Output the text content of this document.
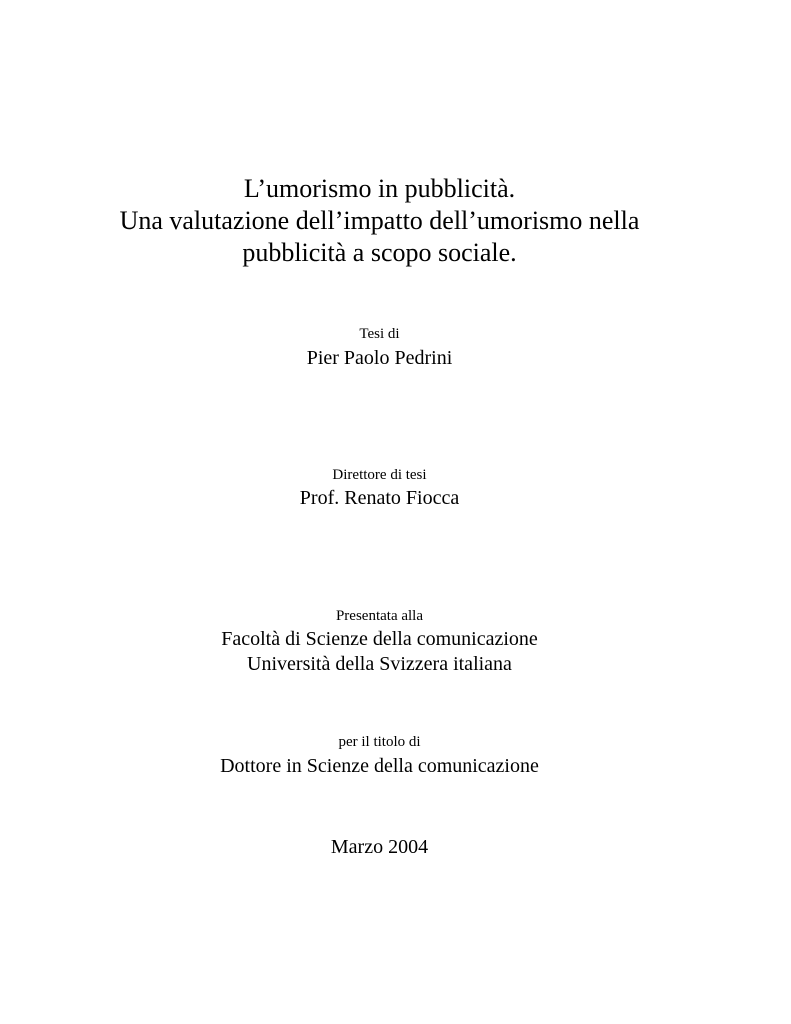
L’umorismo in pubblicità.
Una valutazione dell’impatto dell’umorismo nella
pubblicità a scopo sociale.
Tesi di
Pier Paolo Pedrini
Direttore di tesi
Prof. Renato Fiocca
Presentata alla
Facoltà di Scienze della comunicazione
Università della Svizzera italiana
per il titolo di
Dottore in Scienze della comunicazione
Marzo 2004
